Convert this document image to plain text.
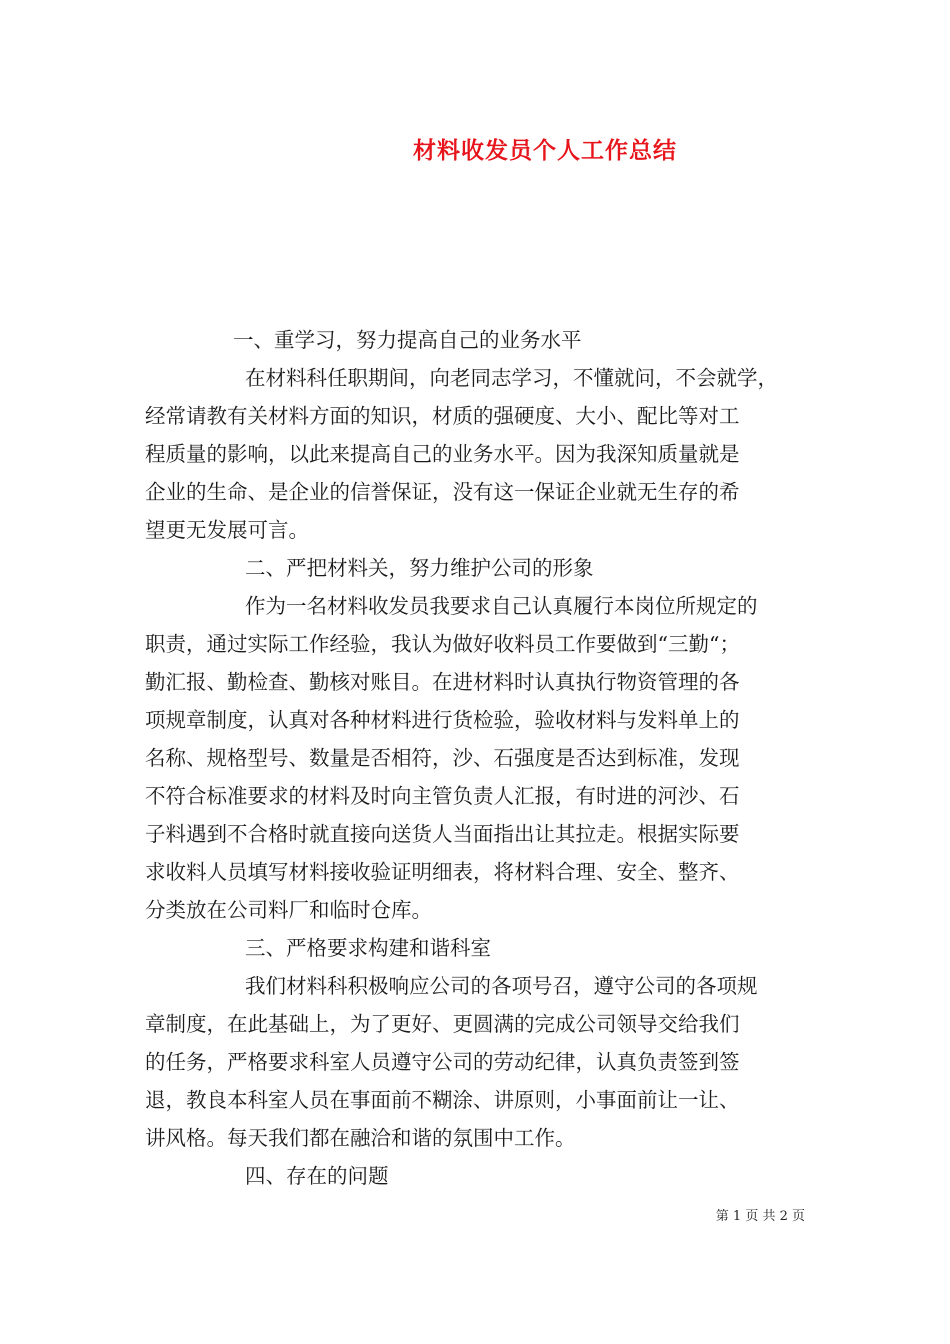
材料收发员个人工作总结
一、重学习，努力提高自己的业务水平
在材料科任职期间，向老同志学习，不懂就问，不会就学，
经常请教有关材料方面的知识，材质的强硬度、大小、配比等对工
程质量的影响，以此来提高自己的业务水平。因为我深知质量就是
企业的生命、是企业的信誉保证，没有这一保证企业就无生存的希
望更无发展可言。
二、严把材料关，努力维护公司的形象
作为一名材料收发员我要求自己认真履行本岗位所规定的
职责，通过实际工作经验，我认为做好收料员工作要做到“三勤“；
勤汇报、勤检查、勤核对账目。在进材料时认真执行物资管理的各
项规章制度，认真对各种材料进行货检验，验收材料与发料单上的
名称、规格型号、数量是否相符，沙、石强度是否达到标准，发现
不符合标准要求的材料及时向主管负责人汇报，有时进的河沙、石
子料遇到不合格时就直接向送货人当面指出让其拉走。根据实际要
求收料人员填写材料接收验证明细表，将材料合理、安全、整齐、
分类放在公司料厂和临时仓库。
三、严格要求构建和谐科室
我们材料科积极响应公司的各项号召，遵守公司的各项规
章制度，在此基础上，为了更好、更圆满的完成公司领导交给我们
的任务，严格要求科室人员遵守公司的劳动纪律，认真负责签到签
退，教良本科室人员在事面前不糊涂、讲原则，小事面前让一让、
讲风格。每天我们都在融洽和谐的氛围中工作。
四、存在的问题
第 1 页 共 2 页
